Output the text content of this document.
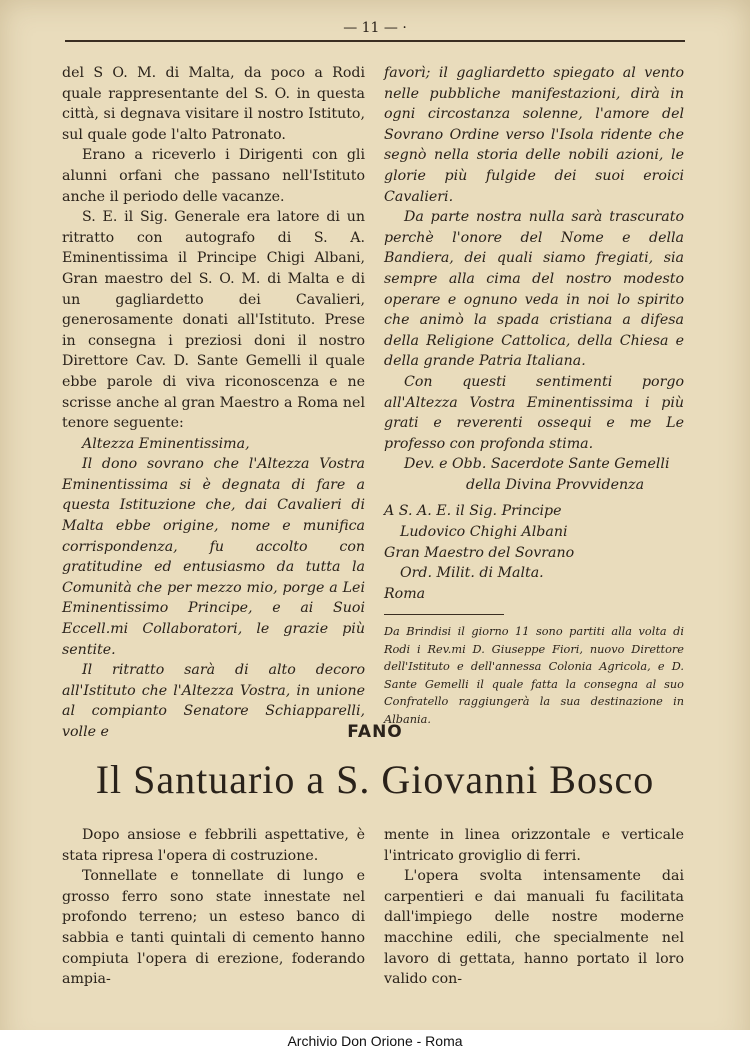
— 11 — ·

del S O. M. di Malta, da poco a Rodi quale rappresentante del S. O. in questa città, si degnava visitare il nostro Istituto, sul quale gode l'alto Patronato.

Erano a riceverlo i Dirigenti con gli alunni orfani che passano nell'Istituto anche il periodo delle vacanze.

S. E. il Sig. Generale era latore di un ritratto con autografo di S. A. Eminentissima il Principe Chigi Albani, Gran maestro del S. O. M. di Malta e di un gagliardetto dei Cavalieri, generosamente donati all'Istituto. Prese in consegna i preziosi doni il nostro Direttore Cav. D. Sante Gemelli il quale ebbe parole di viva riconoscenza e ne scrisse anche al gran Maestro a Roma nel tenore seguente:

Altezza Eminentissima,

Il dono sovrano che l'Altezza Vostra Eminentissima si è degnata di fare a questa Istituzione che, dai Cavalieri di Malta ebbe origine, nome e munifica corrispondenza, fu accolto con gratitudine ed entusiasmo da tutta la Comunità che per mezzo mio, porge a Lei Eminentissimo Principe, e ai Suoi Eccell.mi Collaboratori, le grazie più sentite.

Il ritratto sarà di alto decoro all'Istituto che l'Altezza Vostra, in unione al compianto Senatore Schiapparelli, volle e

favorì; il gagliardetto spiegato al vento nelle pubbliche manifestazioni, dirà in ogni circostanza solenne, l'amore del Sovrano Ordine verso l'Isola ridente che segnò nella storia delle nobili azioni, le glorie più fulgide dei suoi eroici Cavalieri.

Da parte nostra nulla sarà trascurato perchè l'onore del Nome e della Bandiera, dei quali siamo fregiati, sia sempre alla cima del nostro modesto operare e ognuno veda in noi lo spirito che animò la spada cristiana a difesa della Religione Cattolica, della Chiesa e della grande Patria Italiana.

Con questi sentimenti porgo all'Altezza Vostra Eminentissima i più grati e reverenti ossequi e me Le professo con profonda stima.

Dev. e Obb. Sacerdote Sante Gemelli

della Divina Provvidenza

A S. A. E. il Sig. Principe

Ludovico Chighi Albani

Gran Maestro del Sovrano

Ord. Milit. di Malta.

Roma

Da Brindisi il giorno 11 sono partiti alla volta di Rodi i Rev.mi D. Giuseppe Fiori, nuovo Direttore dell'Istituto e dell'annessa Colonia Agricola, e D. Sante Gemelli il quale fatta la consegna al suo Confratello raggiungerà la sua destinazione in Albania.

FANO
Il Santuario a S. Giovanni Bosco

Dopo ansiose e febbrili aspettative, è stata ripresa l'opera di costruzione.

Tonnellate e tonnellate di lungo e grosso ferro sono state innestate nel profondo terreno; un esteso banco di sabbia e tanti quintali di cemento hanno compiuta l'opera di erezione, foderando ampia-

mente in linea orizzontale e verticale l'intricato groviglio di ferri.

L'opera svolta intensamente dai carpentieri e dai manuali fu facilitata dall'impiego delle nostre moderne macchine edili, che specialmente nel lavoro di gettata, hanno portato il loro valido con-

Archivio Don Orione - Roma
